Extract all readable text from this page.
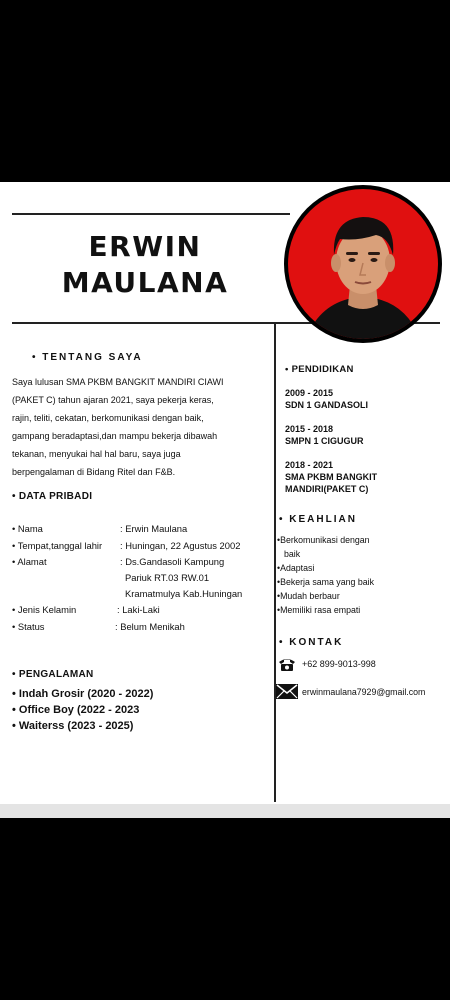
ERWIN
MAULANA
• TENTANG SAYA
Saya lulusan SMA PKBM BANGKIT MANDIRI CIAWI
(PAKET C) tahun ajaran 2021, saya pekerja keras,
rajin, teliti, cekatan, berkomunikasi dengan baik,
gampang beradaptasi,dan mampu bekerja dibawah
tekanan, menyukai hal hal baru, saya juga
berpengalaman di Bidang Ritel dan F&B.
• DATA PRIBADI
• Nama	: Erwin Maulana
• Tempat,tanggal lahir : Huningan, 22 Agustus 2002
• Alamat	: Ds.Gandasoli Kampung
Pariuk RT.03 RW.01
Kramatmulya Kab.Huningan
• Jenis Kelamin	: Laki-Laki
• Status	: Belum Menikah
• PENGALAMAN
• Indah Grosir (2020 - 2022)
• Office Boy (2022 - 2023
• Waiterss (2023 - 2025)
• PENDIDIKAN
2009 - 2015
SDN 1 GANDASOLI
2015 - 2018
SMPN 1 CIGUGUR
2018 - 2021
SMA PKBM BANGKIT
MANDIRI(PAKET C)
• KEAHLIAN
•Berkomunikasi dengan
baik
•Adaptasi
•Bekerja sama yang baik
•Mudah berbaur
•Memiliki rasa empati
• KONTAK
+62 899-9013-998
erwinmaulana7929@gmail.com
